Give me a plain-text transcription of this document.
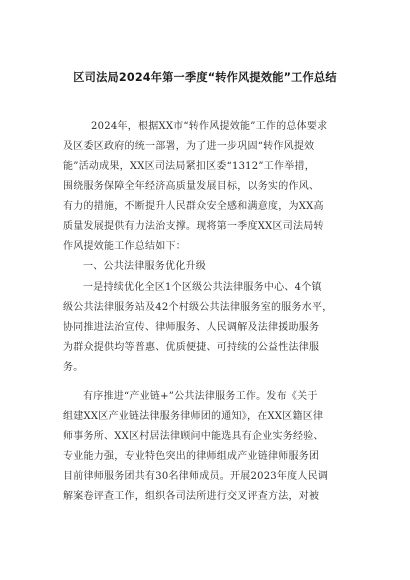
区司法局2024年第一季度“转作风提效能”工作总结
2024年，根据XX市“转作风提效能”工作的总体要求
及区委区政府的统一部署，为了进一步巩固“转作风提效
能”活动成果，XX区司法局紧扣区委“1312”工作举措，
围绕服务保障全年经济高质量发展目标，以务实的作风、
有力的措施，不断提升人民群众安全感和满意度，为XX高
质量发展提供有力法治支撑。现将第一季度XX区司法局转
作风提效能工作总结如下：
一、公共法律服务优化升级
一是持续优化全区1个区级公共法律服务中心、4个镇
级公共法律服务站及42个村级公共法律服务室的服务水平，
协同推进法治宣传、律师服务、人民调解及法律援助服务
为群众提供均等普惠、优质便捷、可持续的公益性法律服
务。
有序推进“产业链+”公共法律服务工作。发布《关于
组建XX区产业链法律服务律师团的通知》，在XX区籍区律
师事务所、XX区村居法律顾问中能选具有企业实务经验、
专业能力强，专业特色突出的律师组成产业链律师服务团
目前律师服务团共有30名律师成员。开展2023年度人民调
解案卷评查工作，组织各司法所进行交叉评查方法，对被
